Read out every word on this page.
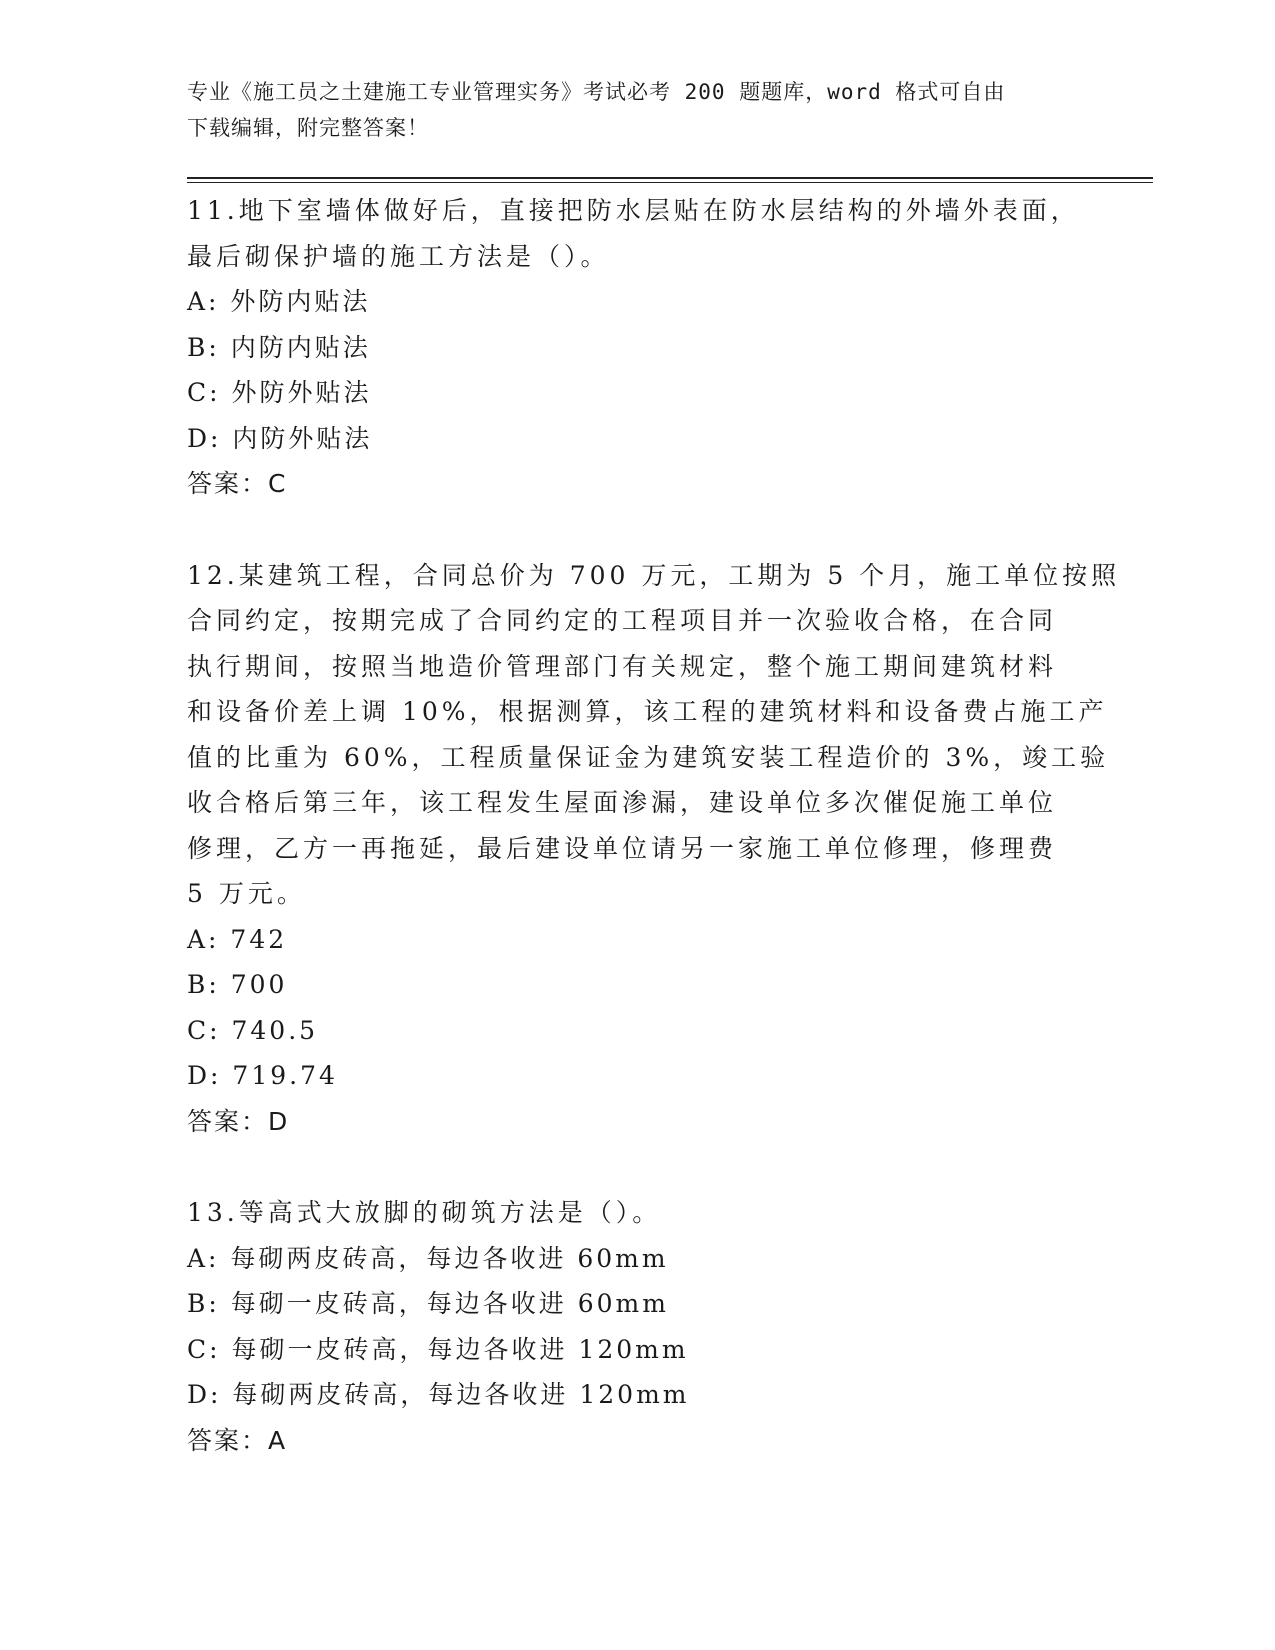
专业《施工员之土建施工专业管理实务》考试必考 200 题题库，word 格式可自由
下载编辑，附完整答案！
11.地下室墙体做好后，直接把防水层贴在防水层结构的外墙外表面，
最后砌保护墙的施工方法是（）。
A: 外防内贴法
B: 内防内贴法
C: 外防外贴法
D: 内防外贴法
答案：C
12.某建筑工程，合同总价为 700 万元，工期为 5 个月，施工单位按照
合同约定，按期完成了合同约定的工程项目并一次验收合格，在合同
执行期间，按照当地造价管理部门有关规定，整个施工期间建筑材料
和设备价差上调 10%，根据测算，该工程的建筑材料和设备费占施工产
值的比重为 60%，工程质量保证金为建筑安装工程造价的 3%，竣工验
收合格后第三年，该工程发生屋面渗漏，建设单位多次催促施工单位
修理，乙方一再拖延，最后建设单位请另一家施工单位修理，修理费
5 万元。
A: 742
B: 700
C: 740.5
D: 719.74
答案：D
13.等高式大放脚的砌筑方法是（）。
A: 每砌两皮砖高，每边各收进 60mm
B: 每砌一皮砖高，每边各收进 60mm
C: 每砌一皮砖高，每边各收进 120mm
D: 每砌两皮砖高，每边各收进 120mm
答案：A
